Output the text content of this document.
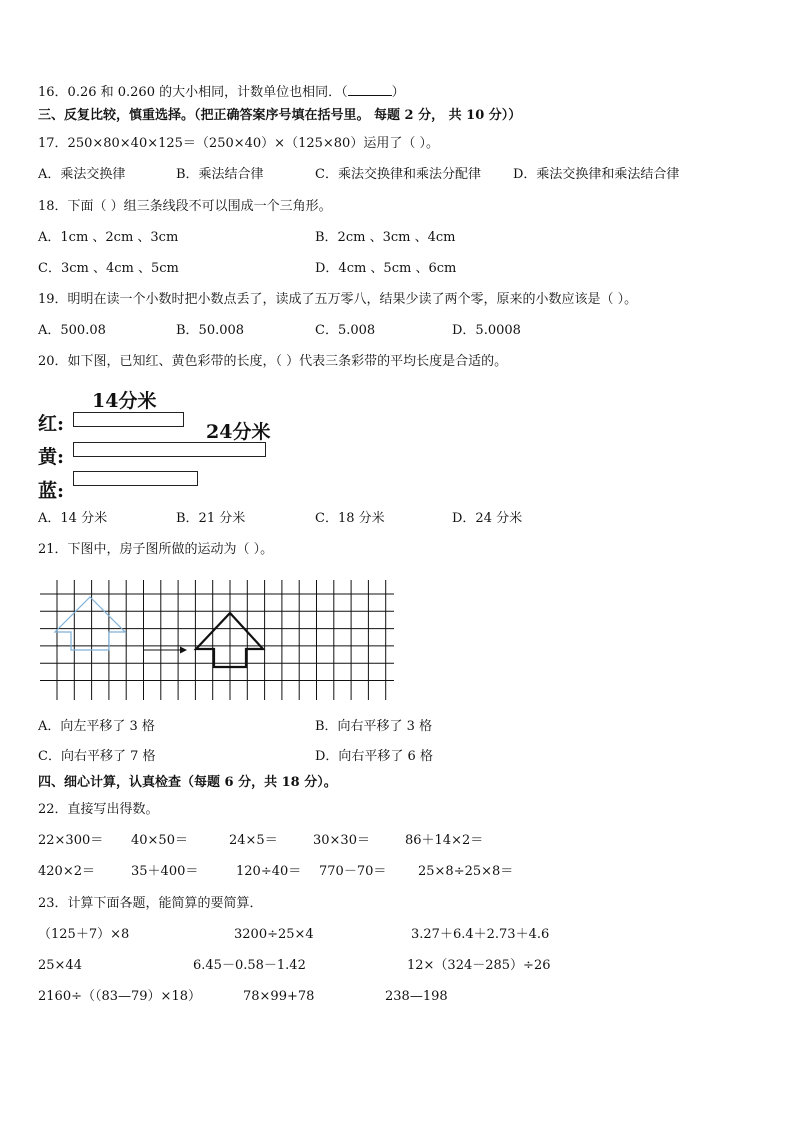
16．0.26 和 0.260 的大小相同，计数单位也相同．（	）
三、反复比较，慎重选择。（把正确答案序号填在括号里。 每题 2 分， 共 10 分））
17．250×80×40×125＝（250×40）×（125×80）运用了（ ）。
A．乘法交换律	B．乘法结合律	C．乘法交换律和乘法分配律 D．乘法交换律和乘法结合律
18．下面（ ）组三条线段不可以围成一个三角形。
A．1cm 、2cm 、3cm	B．2cm 、3cm 、4cm
C．3cm 、4cm 、5cm	D．4cm 、5cm 、6cm
19．明明在读一个小数时把小数点丢了，读成了五万零八，结果少读了两个零，原来的小数应该是（ ）。
A．500.08	B．50.008	C．5.008	D．5.0008
20．如下图，已知红、黄色彩带的长度，（ ）代表三条彩带的平均长度是合适的。
14分米
24分米
红:
黄:
蓝:
A．14 分米	B．21 分米	C．18 分米	D．24 分米
21．下图中，房子图所做的运动为（ ）。
A．向左平移了 3 格	B．向右平移了 3 格
C．向右平移了 7 格	D．向右平移了 6 格
四、细心计算，认真检查（每题 6 分，共 18 分）。
22．直接写出得数。
22×300＝ 40×50＝	24×5＝	30×30＝	86＋14×2＝
420×2＝	35＋400＝	120÷40＝ 770－70＝ 25×8÷25×8＝
23．计算下面各题，能简算的要简算．
（125＋7）×8	3200÷25×4	3.27＋6.4＋2.73＋4.6
25×44	6.45－0.58－1.42	12×（324－285）÷26
2160÷（（83—79）×18）	78×99+78	238—198
